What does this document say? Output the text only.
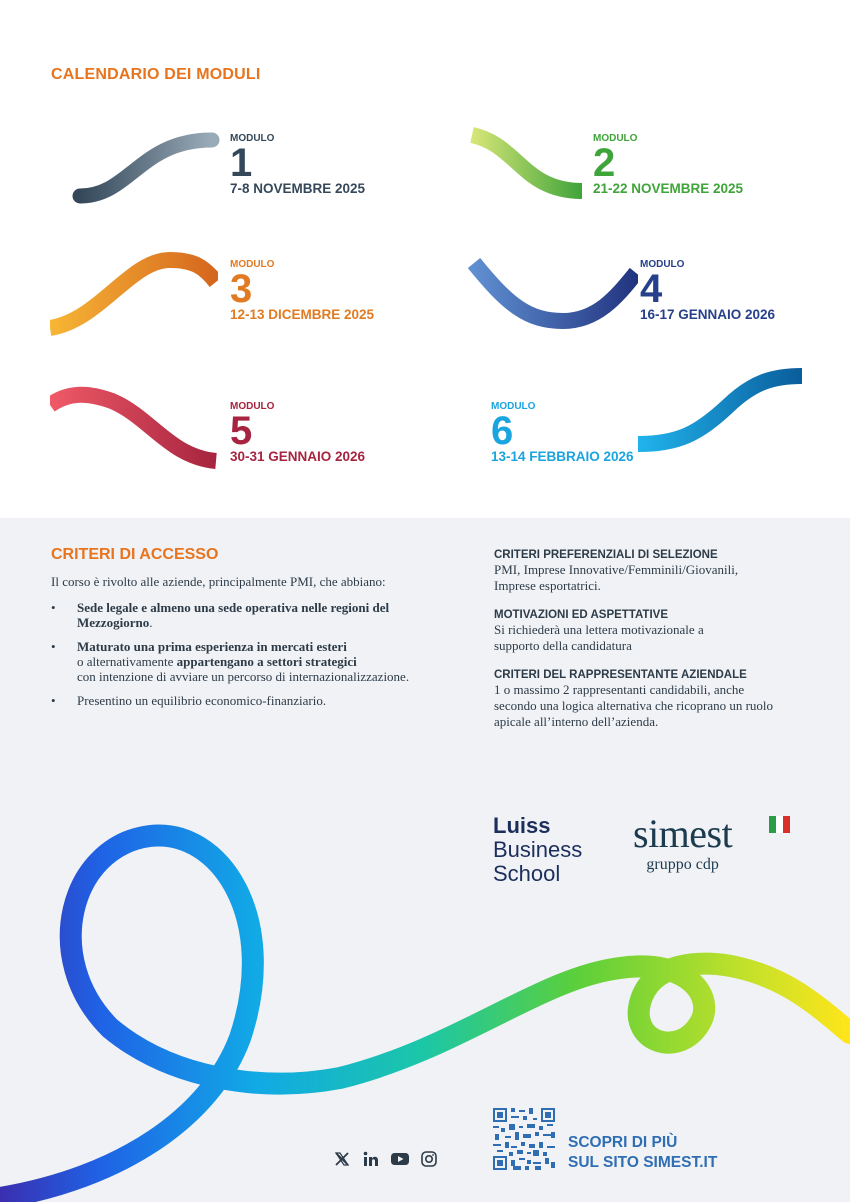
CALENDARIO DEI MODULI
MODULO
1
7-8 NOVEMBRE 2025
MODULO
2
21-22 NOVEMBRE 2025
MODULO
3
12-13 DICEMBRE 2025
MODULO
4
16-17 GENNAIO 2026
MODULO
5
30-31 GENNAIO 2026
MODULO
6
13-14 FEBBRAIO 2026
CRITERI DI ACCESSO
Il corso è rivolto alle aziende, principalmente PMI, che abbiano:
• Sede legale e almeno una sede operativa nelle regioni del Mezzogiorno.
• Maturato una prima esperienza in mercati esteri
o alternativamente appartengano a settori strategici
con intenzione di avviare un percorso di internazionalizzazione.
• Presentino un equilibrio economico-finanziario.
CRITERI PREFERENZIALI DI SELEZIONE
PMI, Imprese Innovative/Femminili/Giovanili, Imprese esportatrici.
MOTIVAZIONI ED ASPETTATIVE
Si richiederà una lettera motivazionale a supporto della candidatura
CRITERI DEL RAPPRESENTANTE AZIENDALE
1 o massimo 2 rappresentanti candidabili, anche secondo una logica alternativa che ricoprano un ruolo apicale all’interno dell’azienda.
Luiss
Business
School
simest
gruppo cdp
SCOPRI DI PIÙ
SUL SITO SIMEST.IT
